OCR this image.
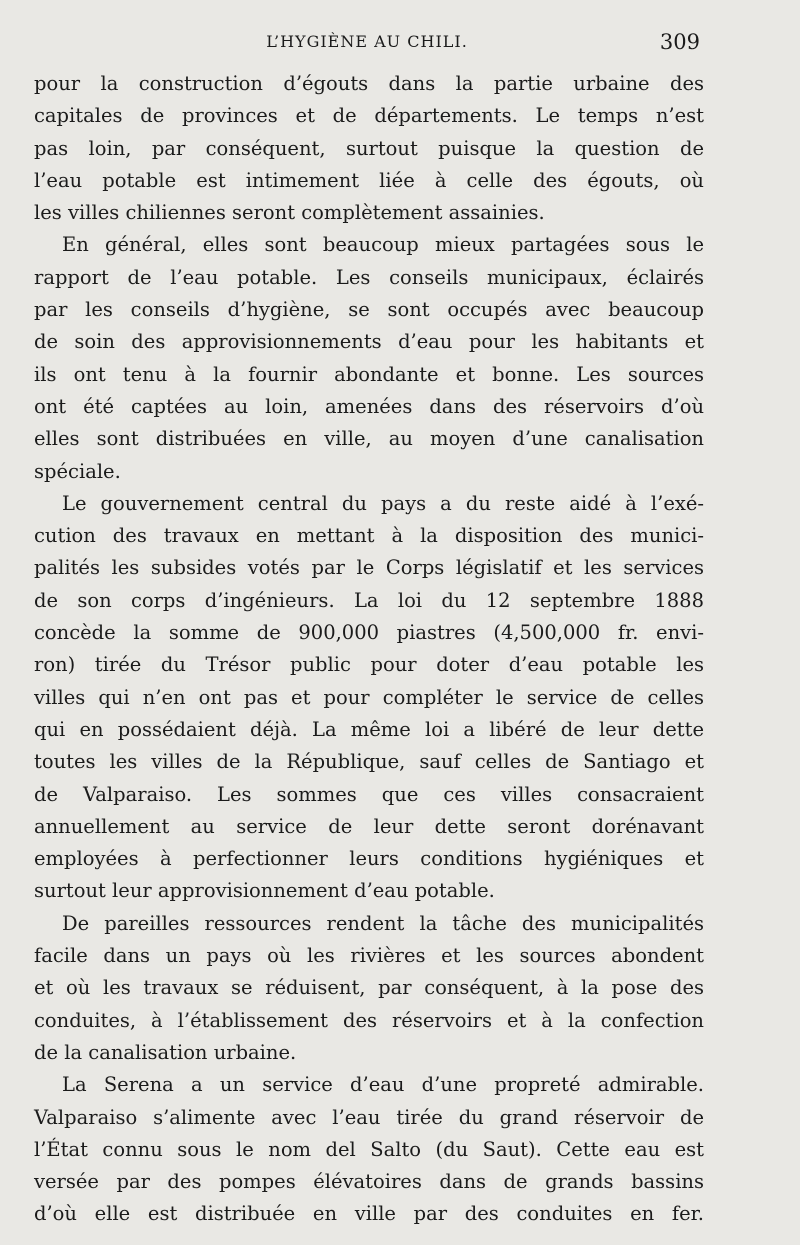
L’HYGIÈNE AU CHILI.	309
pour la construction d’égouts dans la partie urbaine des
capitales de provinces et de départements. Le temps n’est
pas loin, par conséquent, surtout puisque la question de
l’eau potable est intimement liée à celle des égouts, où
les villes chiliennes seront complètement assainies.
En général, elles sont beaucoup mieux partagées sous le
rapport de l’eau potable. Les conseils municipaux, éclairés
par les conseils d’hygiène, se sont occupés avec beaucoup
de soin des approvisionnements d’eau pour les habitants et
ils ont tenu à la fournir abondante et bonne. Les sources
ont été captées au loin, amenées dans des réservoirs d’où
elles sont distribuées en ville, au moyen d’une canalisation
spéciale.
Le gouvernement central du pays a du reste aidé à l’exé-
cution des travaux en mettant à la disposition des munici-
palités les subsides votés par le Corps législatif et les services
de son corps d’ingénieurs. La loi du 12 septembre 1888
concède la somme de 900,000 piastres (4,500,000 fr. envi-
ron) tirée du Trésor public pour doter d’eau potable les
villes qui n’en ont pas et pour compléter le service de celles
qui en possédaient déjà. La même loi a libéré de leur dette
toutes les villes de la République, sauf celles de Santiago et
de Valparaiso. Les sommes que ces villes consacraient
annuellement au service de leur dette seront dorénavant
employées à perfectionner leurs conditions hygiéniques et
surtout leur approvisionnement d’eau potable.
De pareilles ressources rendent la tâche des municipalités
facile dans un pays où les rivières et les sources abondent
et où les travaux se réduisent, par conséquent, à la pose des
conduites, à l’établissement des réservoirs et à la confection
de la canalisation urbaine.
La Serena a un service d’eau d’une propreté admirable.
Valparaiso s’alimente avec l’eau tirée du grand réservoir de
l’État connu sous le nom del Salto (du Saut). Cette eau est
versée par des pompes élévatoires dans de grands bassins
d’où elle est distribuée en ville par des conduites en fer.
